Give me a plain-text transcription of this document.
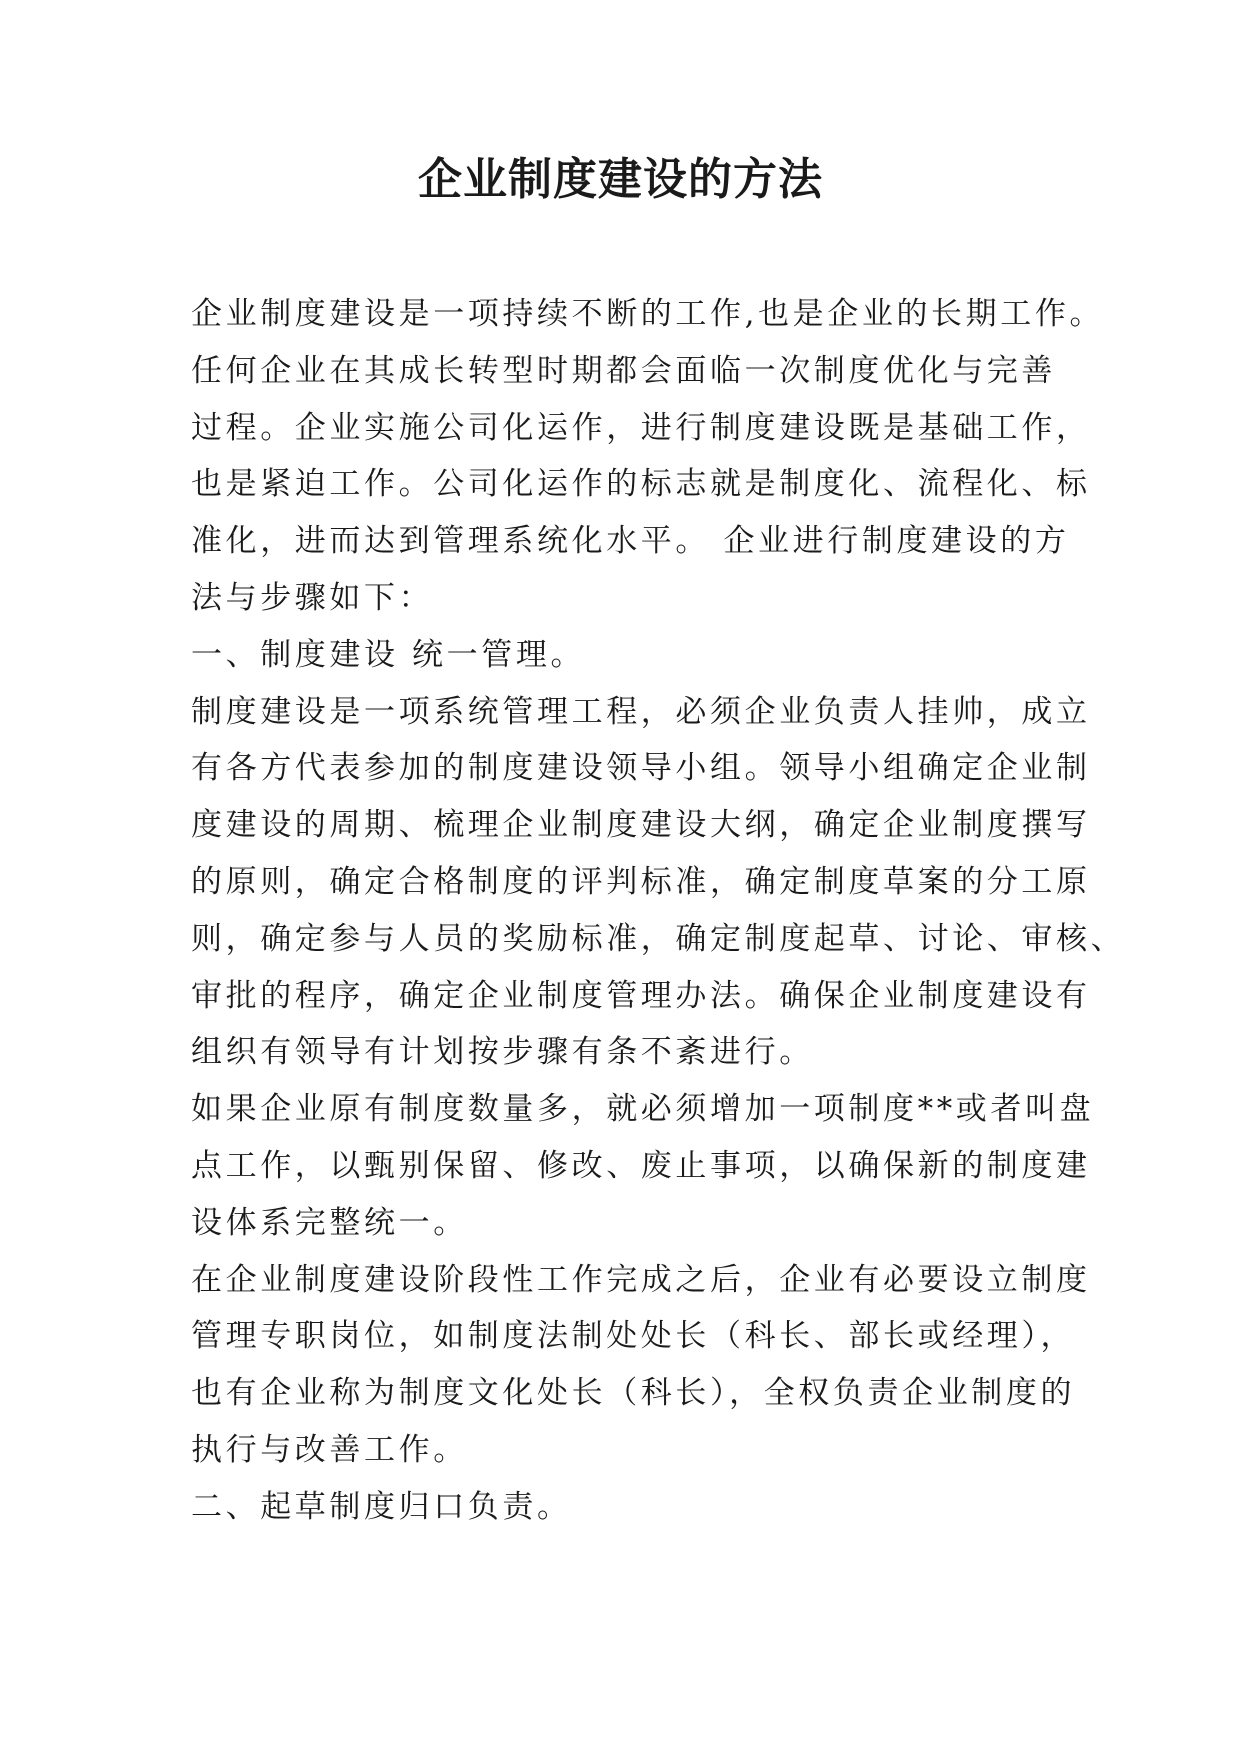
企业制度建设的方法
企业制度建设是一项持续不断的工作,也是企业的长期工作。
任何企业在其成长转型时期都会面临一次制度优化与完善
过程。企业实施公司化运作，进行制度建设既是基础工作，
也是紧迫工作。公司化运作的标志就是制度化、流程化、标
准化，进而达到管理系统化水平。 企业进行制度建设的方
法与步骤如下：
一、制度建设 统一管理。
制度建设是一项系统管理工程，必须企业负责人挂帅，成立
有各方代表参加的制度建设领导小组。领导小组确定企业制
度建设的周期、梳理企业制度建设大纲，确定企业制度撰写
的原则，确定合格制度的评判标准，确定制度草案的分工原
则，确定参与人员的奖励标准，确定制度起草、讨论、审核、
审批的程序，确定企业制度管理办法。确保企业制度建设有
组织有领导有计划按步骤有条不紊进行。
如果企业原有制度数量多，就必须增加一项制度**或者叫盘
点工作，以甄别保留、修改、废止事项，以确保新的制度建
设体系完整统一。
在企业制度建设阶段性工作完成之后，企业有必要设立制度
管理专职岗位，如制度法制处处长（科长、部长或经理），
也有企业称为制度文化处长（科长），全权负责企业制度的
执行与改善工作。
二、起草制度归口负责。
